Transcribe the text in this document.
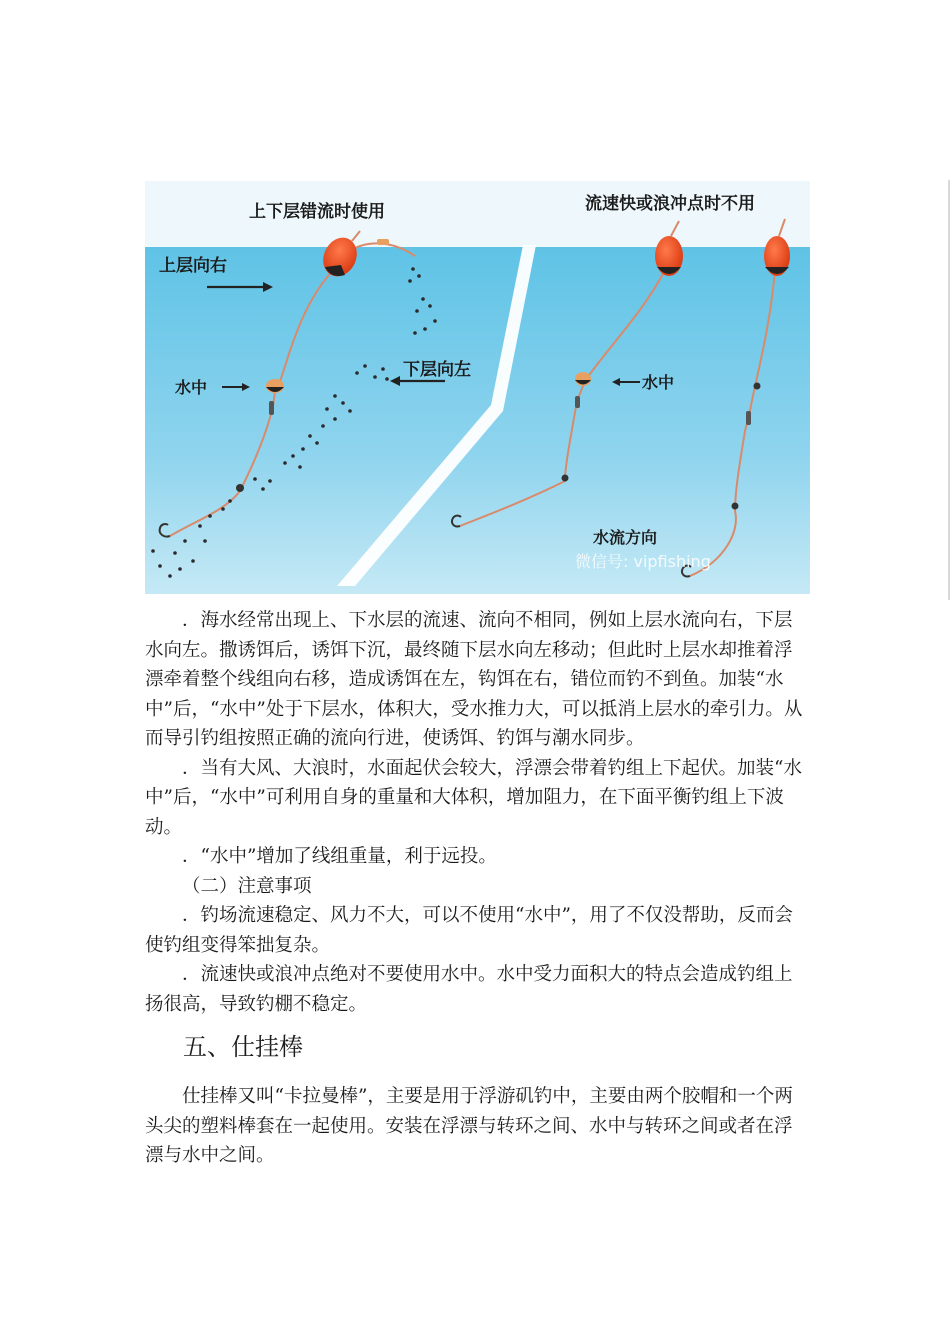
上下层错流时使用	流速快或浪冲点时不用
上层向右
下层向左
水中	水中
水流方向
微信号: vipfishing

．海水经常出现上、下水层的流速、流向不相同，例如上层水流向右，下层水向左。撒诱饵后，诱饵下沉，最终随下层水向左移动；但此时上层水却推着浮漂牵着整个线组向右移，造成诱饵在左，钩饵在右，错位而钓不到鱼。加装“水中”后，“水中”处于下层水，体积大，受水推力大，可以抵消上层水的牵引力。从而导引钓组按照正确的流向行进，使诱饵、钓饵与潮水同步。

．当有大风、大浪时，水面起伏会较大，浮漂会带着钓组上下起伏。加装“水中”后，“水中”可利用自身的重量和大体积，增加阻力，在下面平衡钓组上下波动。

．“水中”增加了线组重量，利于远投。

（二）注意事项

．钓场流速稳定、风力不大，可以不使用“水中”，用了不仅没帮助，反而会使钓组变得笨拙复杂。

．流速快或浪冲点绝对不要使用水中。水中受力面积大的特点会造成钓组上扬很高，导致钓棚不稳定。

五、仕挂棒

仕挂棒又叫“卡拉曼棒”，主要是用于浮游矶钓中，主要由两个胶帽和一个两头尖的塑料棒套在一起使用。安装在浮漂与转环之间、水中与转环之间或者在浮漂与水中之间。
